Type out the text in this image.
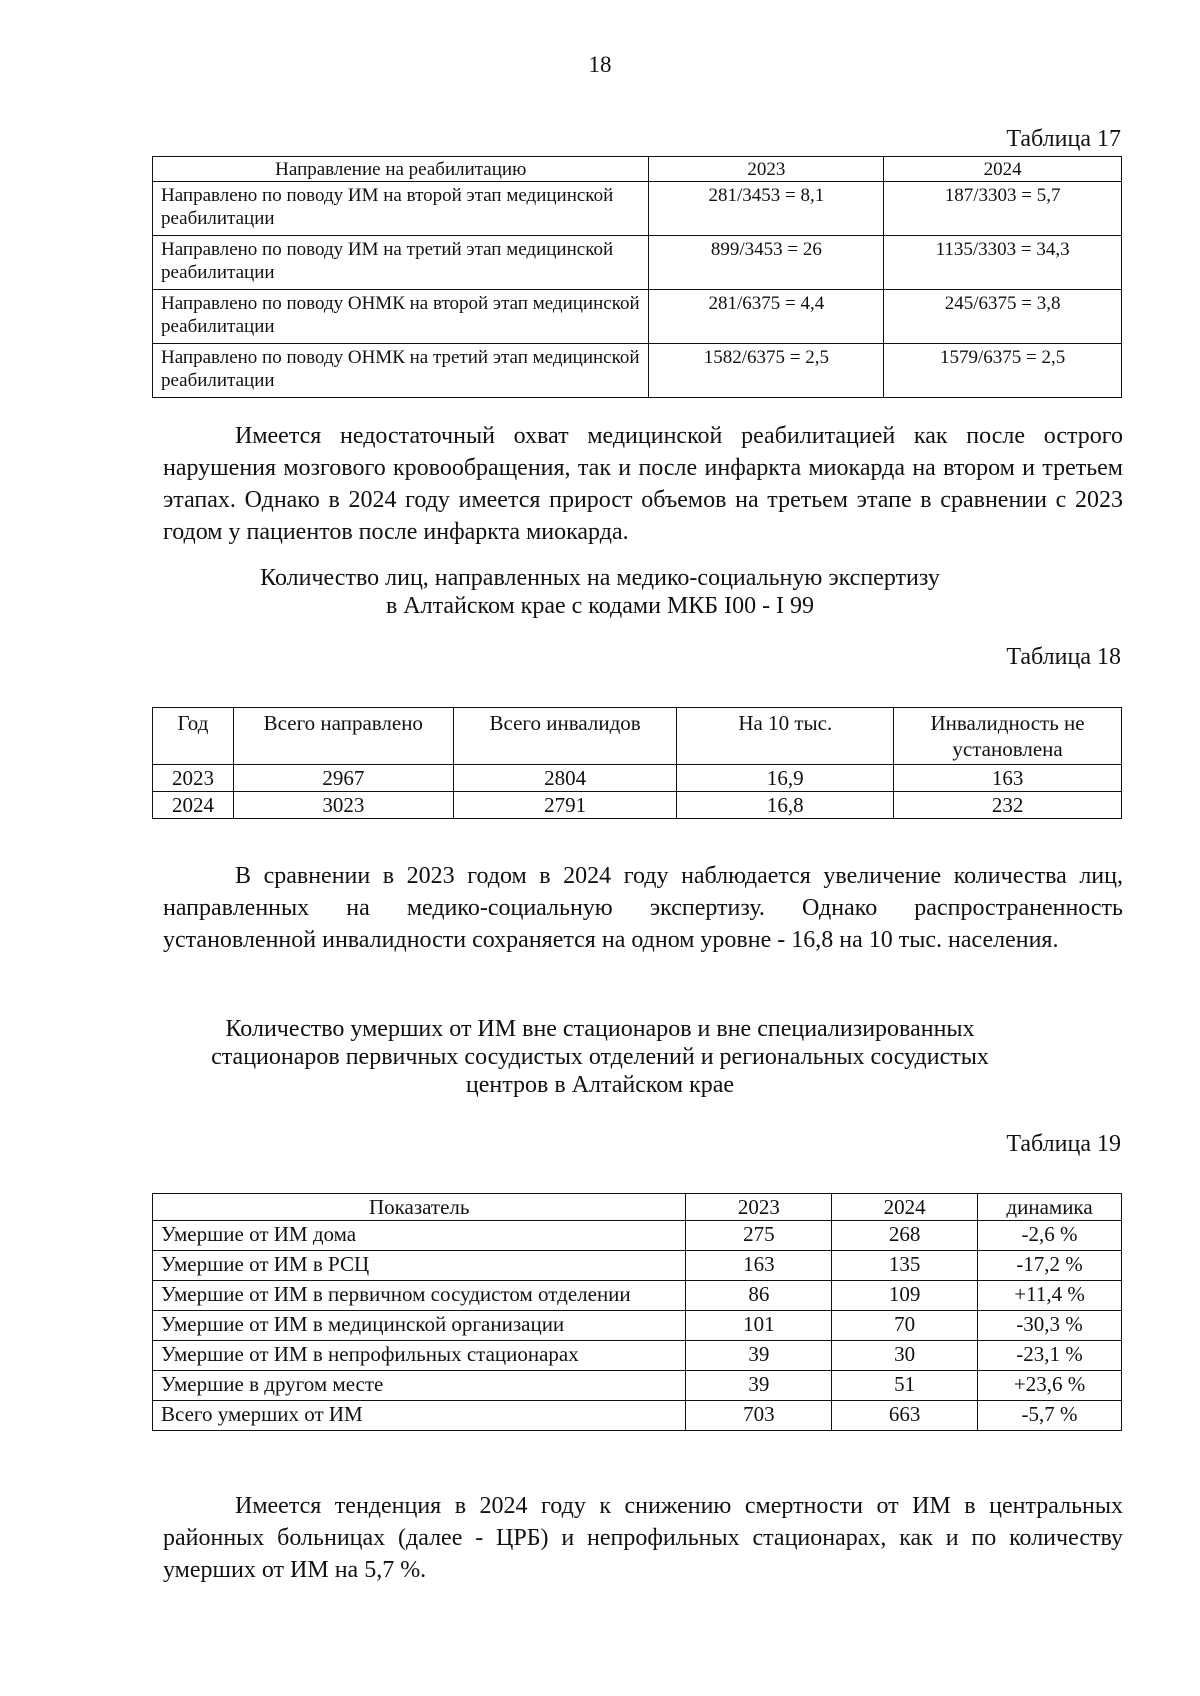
18
Таблица 17
Направление на реабилитацию	2023	2024
Направлено по поводу ИМ на второй этап медицинской реабилитации	281/3453 = 8,1	187/3303 = 5,7
Направлено по поводу ИМ на третий этап медицинской реабилитации	899/3453 = 26	1135/3303 = 34,3
Направлено по поводу ОНМК на второй этап медицинской реабилитации	281/6375 = 4,4	245/6375 = 3,8
Направлено по поводу ОНМК на третий этап медицинской реабилитации	1582/6375 = 2,5	1579/6375 = 2,5

Имеется недостаточный охват медицинской реабилитацией как после острого нарушения мозгового кровообращения, так и после инфаркта миокарда на втором и третьем этапах. Однако в 2024 году имеется прирост объемов на третьем этапе в сравнении с 2023 годом у пациентов после инфаркта миокарда.

Количество лиц, направленных на медико-социальную экспертизу
в Алтайском крае с кодами МКБ I00 - I 99
Таблица 18
Год	Всего направлено	Всего инвалидов	На 10 тыс.	Инвалидность не установлена
2023	2967	2804	16,9	163
2024	3023	2791	16,8	232

В сравнении в 2023 годом в 2024 году наблюдается увеличение количества лиц, направленных на медико-социальную экспертизу. Однако распространенность установленной инвалидности сохраняется на одном уровне - 16,8 на 10 тыс. населения.

Количество умерших от ИМ вне стационаров и вне специализированных
стационаров первичных сосудистых отделений и региональных сосудистых
центров в Алтайском крае
Таблица 19
Показатель	2023	2024	динамика
Умершие от ИМ дома	275	268	-2,6 %
Умершие от ИМ в РСЦ	163	135	-17,2 %
Умершие от ИМ в первичном сосудистом отделении	86	109	+11,4 %
Умершие от ИМ в медицинской организации	101	70	-30,3 %
Умершие от ИМ в непрофильных стационарах	39	30	-23,1 %
Умершие в другом месте	39	51	+23,6 %
Всего умерших от ИМ	703	663	-5,7 %

Имеется тенденция в 2024 году к снижению смертности от ИМ в центральных районных больницах (далее - ЦРБ) и непрофильных стационарах, как и по количеству умерших от ИМ на 5,7 %.
